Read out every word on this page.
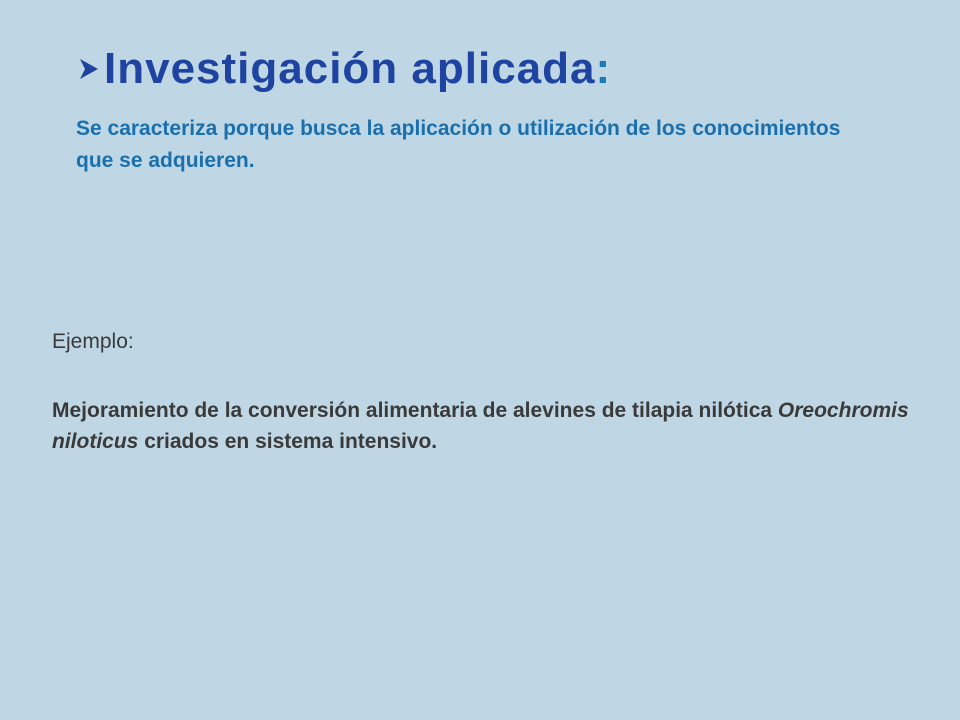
Investigación aplicada :
Se caracteriza porque busca la aplicación o utilización de los conocimientos que se adquieren.
Ejemplo:
Mejoramiento de la conversión alimentaria de alevines de tilapia nilótica Oreochromis niloticus criados en sistema intensivo.
